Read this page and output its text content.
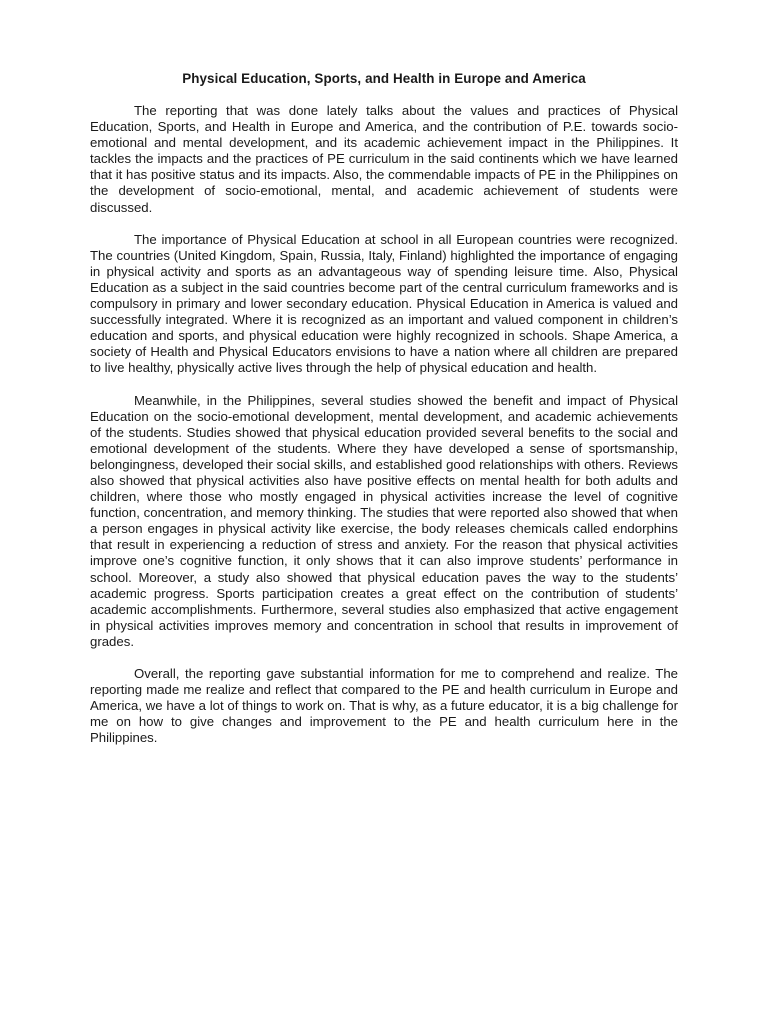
Physical Education, Sports, and Health in Europe and America

The reporting that was done lately talks about the values and practices of Physical Education, Sports, and Health in Europe and America, and the contribution of P.E. towards socio-emotional and mental development, and its academic achievement impact in the Philippines. It tackles the impacts and the practices of PE curriculum in the said continents which we have learned that it has positive status and its impacts. Also, the commendable impacts of PE in the Philippines on the development of socio-emotional, mental, and academic achievement of students were discussed.

The importance of Physical Education at school in all European countries were recognized. The countries (United Kingdom, Spain, Russia, Italy, Finland) highlighted the importance of engaging in physical activity and sports as an advantageous way of spending leisure time. Also, Physical Education as a subject in the said countries become part of the central curriculum frameworks and is compulsory in primary and lower secondary education. Physical Education in America is valued and successfully integrated. Where it is recognized as an important and valued component in children’s education and sports, and physical education were highly recognized in schools. Shape America, a society of Health and Physical Educators envisions to have a nation where all children are prepared to live healthy, physically active lives through the help of physical education and health.

Meanwhile, in the Philippines, several studies showed the benefit and impact of Physical Education on the socio-emotional development, mental development, and academic achievements of the students. Studies showed that physical education provided several benefits to the social and emotional development of the students. Where they have developed a sense of sportsmanship, belongingness, developed their social skills, and established good relationships with others. Reviews also showed that physical activities also have positive effects on mental health for both adults and children, where those who mostly engaged in physical activities increase the level of cognitive function, concentration, and memory thinking. The studies that were reported also showed that when a person engages in physical activity like exercise, the body releases chemicals called endorphins that result in experiencing a reduction of stress and anxiety. For the reason that physical activities improve one’s cognitive function, it only shows that it can also improve students’ performance in school. Moreover, a study also showed that physical education paves the way to the students’ academic progress. Sports participation creates a great effect on the contribution of students’ academic accomplishments. Furthermore, several studies also emphasized that active engagement in physical activities improves memory and concentration in school that results in improvement of grades.

Overall, the reporting gave substantial information for me to comprehend and realize. The reporting made me realize and reflect that compared to the PE and health curriculum in Europe and America, we have a lot of things to work on. That is why, as a future educator, it is a big challenge for me on how to give changes and improvement to the PE and health curriculum here in the Philippines.
